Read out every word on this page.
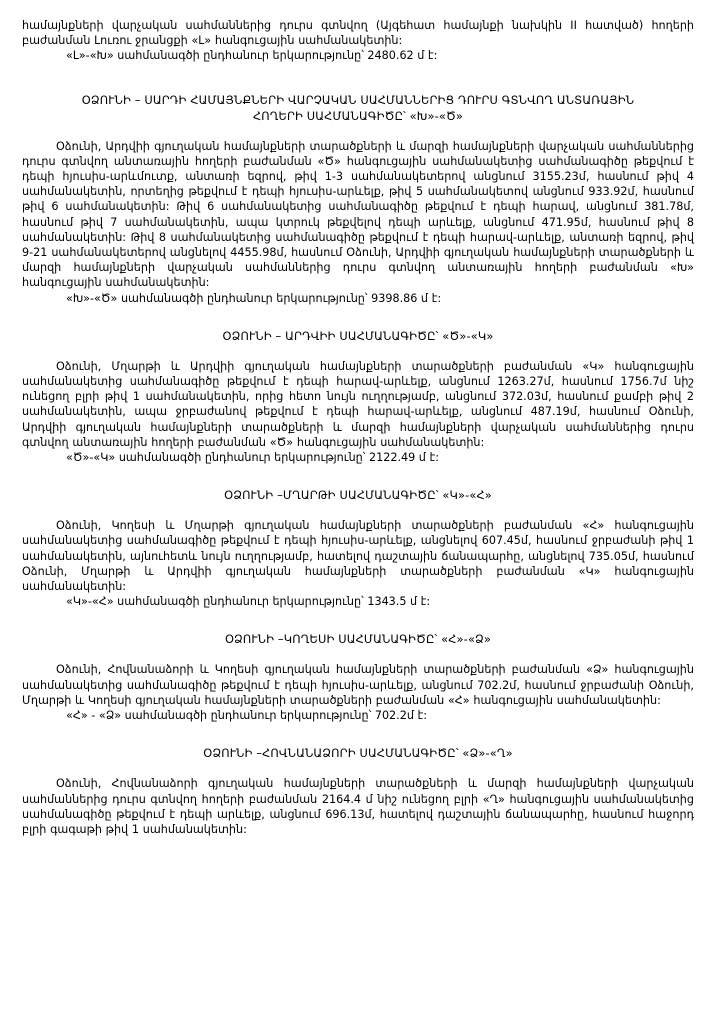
համայնքների վարչական սահմաններից դուրս գտնվող (Այգեհատ համայնքի նախկին II հատված) հողերի բաժանման Լուռու ջրանցքի «Լ» հանգուցային սահմանակետին:

«Լ»-«Խ» սահմանագծի ընդհանուր երկարությունը՝ 2480.62 մ է:

ՕՁՈՒՆԻ – ՍԱՐԴԻ ՀԱՄԱՅՆՔՆԵՐԻ ՎԱՐՉԱԿԱՆ ՍԱՀՄԱՆՆԵՐԻՑ ԴՈՒՐՍ ԳՏՆՎՈՂ ԱՆՏԱՌԱՅԻՆ
ՀՈՂԵՐԻ ՍԱՀՄԱՆԱԳԻԾԸ՝ «Խ»-«Ծ»

Օձունի, Արդվիի գյուղական համայնքների տարածքների և մարզի համայնքների վարչական սահմաններից դուրս գտնվող անտառային հողերի բաժանման «Ծ» հանգուցային սահմանակետից սահմանագիծը թեքվում է դեպի հյուսիս-արևմուտք, անտառի եզրով, թիվ 1-3 սահմանակետերով անցնում 3155.23մ, հասնում թիվ 4 սահմանակետին, որտեղից թեքվում է դեպի հյուսիս-արևելք, թիվ 5 սահմանակետով անցնում 933.92մ, հասնում թիվ 6 սահմանակետին: Թիվ 6 սահմանակետից սահմանագիծը թեքվում է դեպի հարավ, անցնում 381.78մ, հասնում թիվ 7 սահմանակետին, ապա կտրուկ թեքվելով դեպի արևելք, անցնում 471.95մ, հասնում թիվ 8 սահմանակետին: Թիվ 8 սահմանակետից սահմանագիծը թեքվում է դեպի հարավ-արևելք, անտառի եզրով, թիվ 9-21 սահմանակետերով անցնելով 4455.98մ, հասնում Օձունի, Արդվիի գյուղական համայնքների տարածքների և մարզի համայնքների վարչական սահմաններից դուրս գտնվող անտառային հողերի բաժանման «Խ» հանգուցային սահմանակետին:

«Խ»-«Ծ» սահմանագծի ընդհանուր երկարությունը՝ 9398.86 մ է:

ՕՁՈՒՆԻ – ԱՐԴՎԻԻ ՍԱՀՄԱՆԱԳԻԾԸ՝ «Ծ»-«Կ»

Օձունի, Մղարթի և Արդվիի գյուղական համայնքների տարածքների բաժանման «Կ» հանգուցային սահմանակետից սահմանագիծը թեքվում է դեպի հարավ-արևելք, անցնում 1263.27մ, հասնում 1756.7մ նիշ ունեցող բլրի թիվ 1 սահմանակետին, որից հետո նույն ուղղությամբ, անցնում 372.03մ, հասնում քամբի թիվ 2 սահմանակետին, ապա ջրբաժանով թեքվում է դեպի հարավ-արևելք, անցնում 487.19մ, հասնում Օձունի, Արդվիի գյուղական համայնքների տարածքների և մարզի համայնքների վարչական սահմաններից դուրս գտնվող անտառային հողերի բաժանման «Ծ» հանգուցային սահմանակետին:

«Ծ»-«Կ» սահմանագծի ընդհանուր երկարությունը՝ 2122.49 մ է:

ՕՁՈՒՆԻ –ՄՂԱՐԹԻ ՍԱՀՄԱՆԱԳԻԾԸ՝ «Կ»-«Հ»

Օձունի, Կողեսի և Մղարթի գյուղական համայնքների տարածքների բաժանման «Հ» հանգուցային սահմանակետից սահմանագիծը թեքվում է դեպի հյուսիս-արևելք, անցնելով 607.45մ, հասնում ջրբաժանի թիվ 1 սահմանակետին, այնուհետև նույն ուղղությամբ, հատելով դաշտային ճանապարհը, անցնելով 735.05մ, հասնում Օձունի, Մղարթի և Արդվիի գյուղական համայնքների տարածքների բաժանման «Կ» հանգուցային սահմանակետին:

«Կ»-«Հ» սահմանագծի ընդհանուր երկարությունը՝ 1343.5 մ է:

ՕՁՈՒՆԻ –ԿՈՂԵՍԻ ՍԱՀՄԱՆԱԳԻԾԸ՝ «Հ»-«Ձ»

Օձունի, Հովնանաձորի և Կողեսի գյուղական համայնքների տարածքների բաժանման «Ձ» հանգուցային սահմանակետից սահմանագիծը թեքվում է դեպի հյուսիս-արևելք, անցնում 702.2մ, հասնում ջրբաժանի Օձունի, Մղարթի և Կողեսի գյուղական համայնքների տարածքների բաժանման «Հ» հանգուցային սահմանակետին:

«Հ» - «Ձ» սահմանագծի ընդհանուր երկարությունը՝ 702.2մ է:

ՕՁՈՒՆԻ –ՀՈՎՆԱՆԱՁՈՐԻ ՍԱՀՄԱՆԱԳԻԾԸ՝ «Ձ»-«Ղ»

Օձունի, Հովնանաձորի գյուղական համայնքների տարածքների և մարզի համայնքների վարչական սահմաններից դուրս գտնվող հողերի բաժանման 2164.4 մ նիշ ունեցող բլրի «Ղ» հանգուցային սահմանակետից սահմանագիծը թեքվում է դեպի արևելք, անցնում 696.13մ, հատելով դաշտային ճանապարհը, հասնում հաջորդ բլրի գագաթի թիվ 1 սահմանակետին:
